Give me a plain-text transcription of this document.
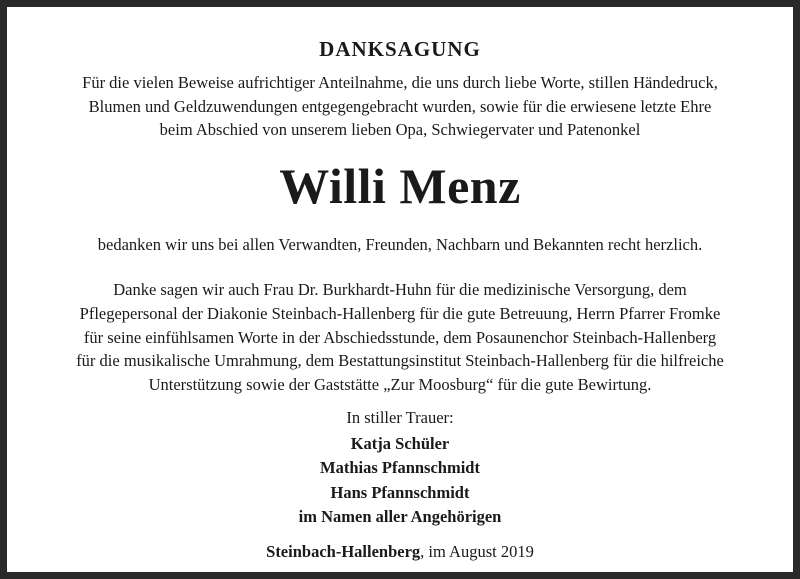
DANKSAGUNG
Für die vielen Beweise aufrichtiger Anteilnahme, die uns durch liebe Worte, stillen Händedruck,
Blumen und Geldzuwendungen entgegengebracht wurden, sowie für die erwiesene letzte Ehre
beim Abschied von unserem lieben Opa, Schwiegervater und Patenonkel
Willi Menz
bedanken wir uns bei allen Verwandten, Freunden, Nachbarn und Bekannten recht herzlich.
Danke sagen wir auch Frau Dr. Burkhardt-Huhn für die medizinische Versorgung, dem
Pflegepersonal der Diakonie Steinbach-Hallenberg für die gute Betreuung, Herrn Pfarrer Fromke
für seine einfühlsamen Worte in der Abschiedsstunde, dem Posaunenchor Steinbach-Hallenberg
für die musikalische Umrahmung, dem Bestattungsinstitut Steinbach-Hallenberg für die hilfreiche
Unterstützung sowie der Gaststätte „Zur Moosburg“ für die gute Bewirtung.
In stiller Trauer:
Katja Schüler
Mathias Pfannschmidt
Hans Pfannschmidt
im Namen aller Angehörigen
Steinbach-Hallenberg, im August 2019
